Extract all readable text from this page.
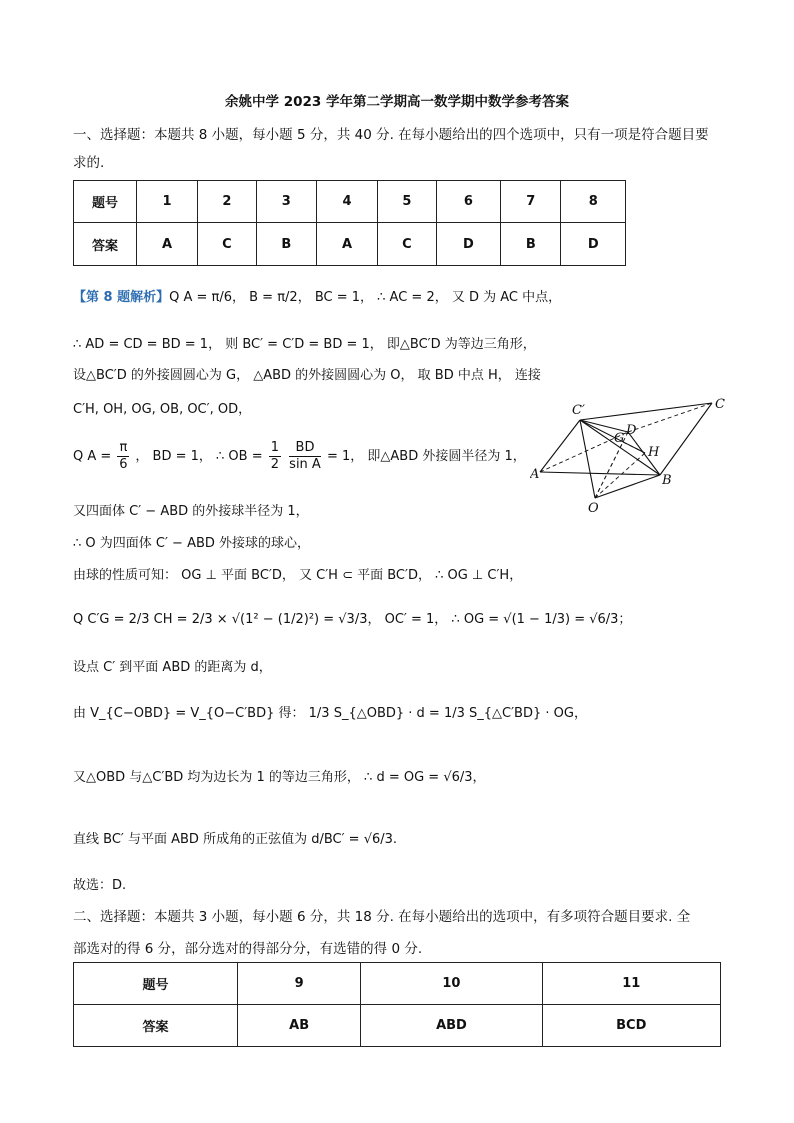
余姚中学 2023 学年第二学期高一数学期中数学参考答案
一、选择题：本题共 8 小题，每小题 5 分，共 40 分. 在每小题给出的四个选项中，只有一项是符合题目要
求的.
题号	1	2	3	4	5	6	7	8
答案	A	C	B	A	C	D	B	D
【第 8 题解析】Q A = π/6， B = π/2， BC = 1， ∴ AC = 2， 又 D 为 AC 中点，
∴ AD = CD = BD = 1， 则 BC′ = C′D = BD = 1， 即△BC′D 为等边三角形，
设△BC′D 的外接圆圆心为 G， △ABD 的外接圆圆心为 O， 取 BD 中点 H， 连接
C′H, OH, OG, OB, OC′, OD，
Q $A = \frac{\pi}{6}$ ， BD = 1， ∴ OB = $\frac{1}{2}$
$\frac{BD}{\text{sin A}} = 1$， 即△ABD 外接圆半径为 1，
又四面体 C′ − ABD 的外接球半径为 1，
∴ O 为四面体 C′ − ABD 外接球的球心，
由球的性质可知： OG ⊥ 平面 BC′D， 又 C′H ⊂ 平面 BC′D， ∴ OG ⊥ C′H，
Q C′G = 2/3 CH = 2/3 × √(1² − (1/2)²) = √3/3， OC′ = 1， ∴ OG = √(1 − 1/3) = √6/3；
设点 C′ 到平面 ABD 的距离为 d，
由 V_{C−OBD} = V_{O−C′BD} 得： 1/3 S_{△OBD} · d = 1/3 S_{△C′BD} · OG，
又△OBD 与△C′BD 均为边长为 1 的等边三角形， ∴ d = OG = √6/3，
直线 BC′ 与平面 ABD 所成角的正弦值为 d/BC′ = √6/3.
故选：D.
C′	C
D
G
H
A	B
O
二、选择题：本题共 3 小题，每小题 6 分，共 18 分. 在每小题给出的选项中，有多项符合题目要求. 全
部选对的得 6 分，部分选对的得部分分，有选错的得 0 分.
题号	9	10	11
答案	AB	ABD	BCD
